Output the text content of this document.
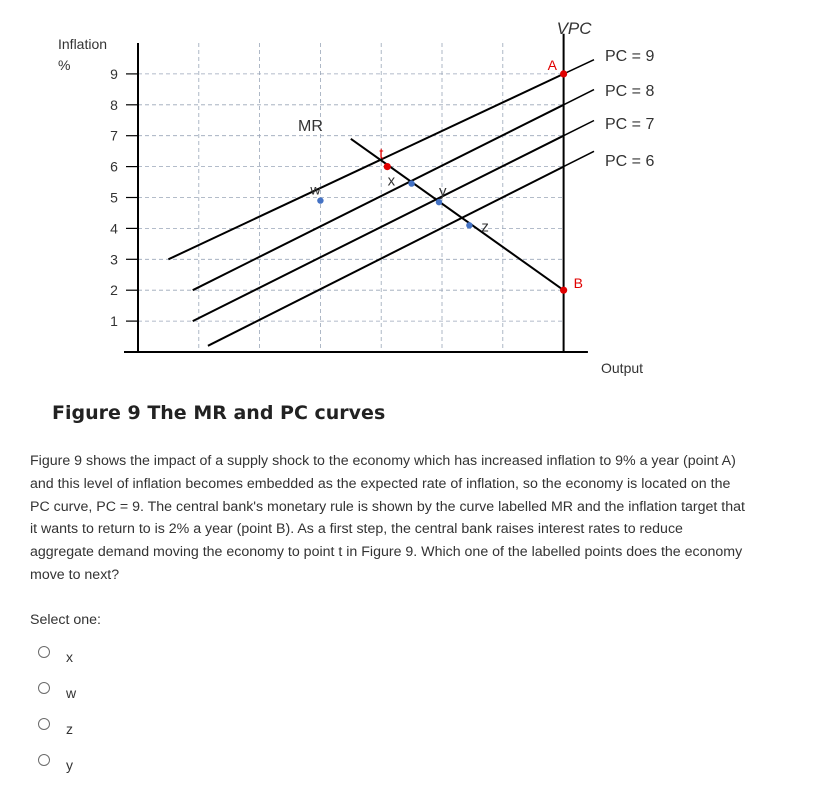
1
2
3
4
5
6
7
8
9
A
B
t
w	x
y
z
Inflation
%
VPC
MR
Output
PC = 9
PC = 8
PC = 7
PC = 6
Figure 9 The MR and PC curves
Figure 9 shows the impact of a supply shock to the economy which has increased inflation to 9% a year (point A) and this level of inflation becomes embedded as the expected rate of inflation, so the economy is located on the PC curve, PC = 9. The central bank's monetary rule is shown by the curve labelled MR and the inflation target that it wants to return to is 2% a year (point B). As a first step, the central bank raises interest rates to reduce aggregate demand moving the economy to point t in Figure 9. Which one of the labelled points does the economy move to next?
Select one:
x
w
z
y
